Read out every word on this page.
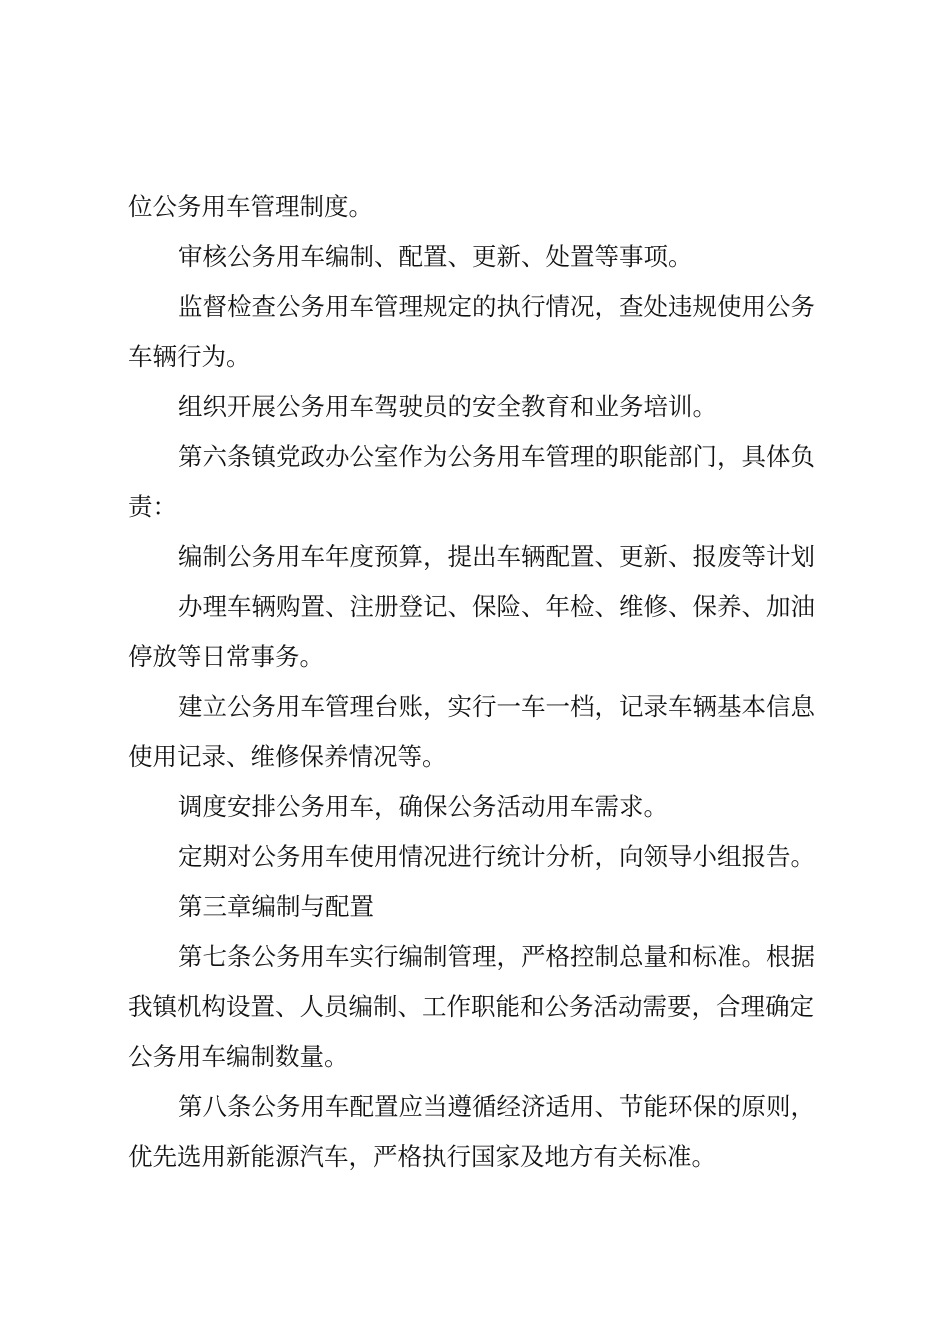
位公务用车管理制度。
审核公务用车编制、配置、更新、处置等事项。
监督检查公务用车管理规定的执行情况，查处违规使用公务
车辆行为。
组织开展公务用车驾驶员的安全教育和业务培训。
第六条镇党政办公室作为公务用车管理的职能部门，具体负
责：
编制公务用车年度预算，提出车辆配置、更新、报废等计划
办理车辆购置、注册登记、保险、年检、维修、保养、加油
停放等日常事务。
建立公务用车管理台账，实行一车一档，记录车辆基本信息
使用记录、维修保养情况等。
调度安排公务用车，确保公务活动用车需求。
定期对公务用车使用情况进行统计分析，向领导小组报告。
第三章编制与配置
第七条公务用车实行编制管理，严格控制总量和标准。根据
我镇机构设置、人员编制、工作职能和公务活动需要，合理确定
公务用车编制数量。
第八条公务用车配置应当遵循经济适用、节能环保的原则，
优先选用新能源汽车，严格执行国家及地方有关标准。
